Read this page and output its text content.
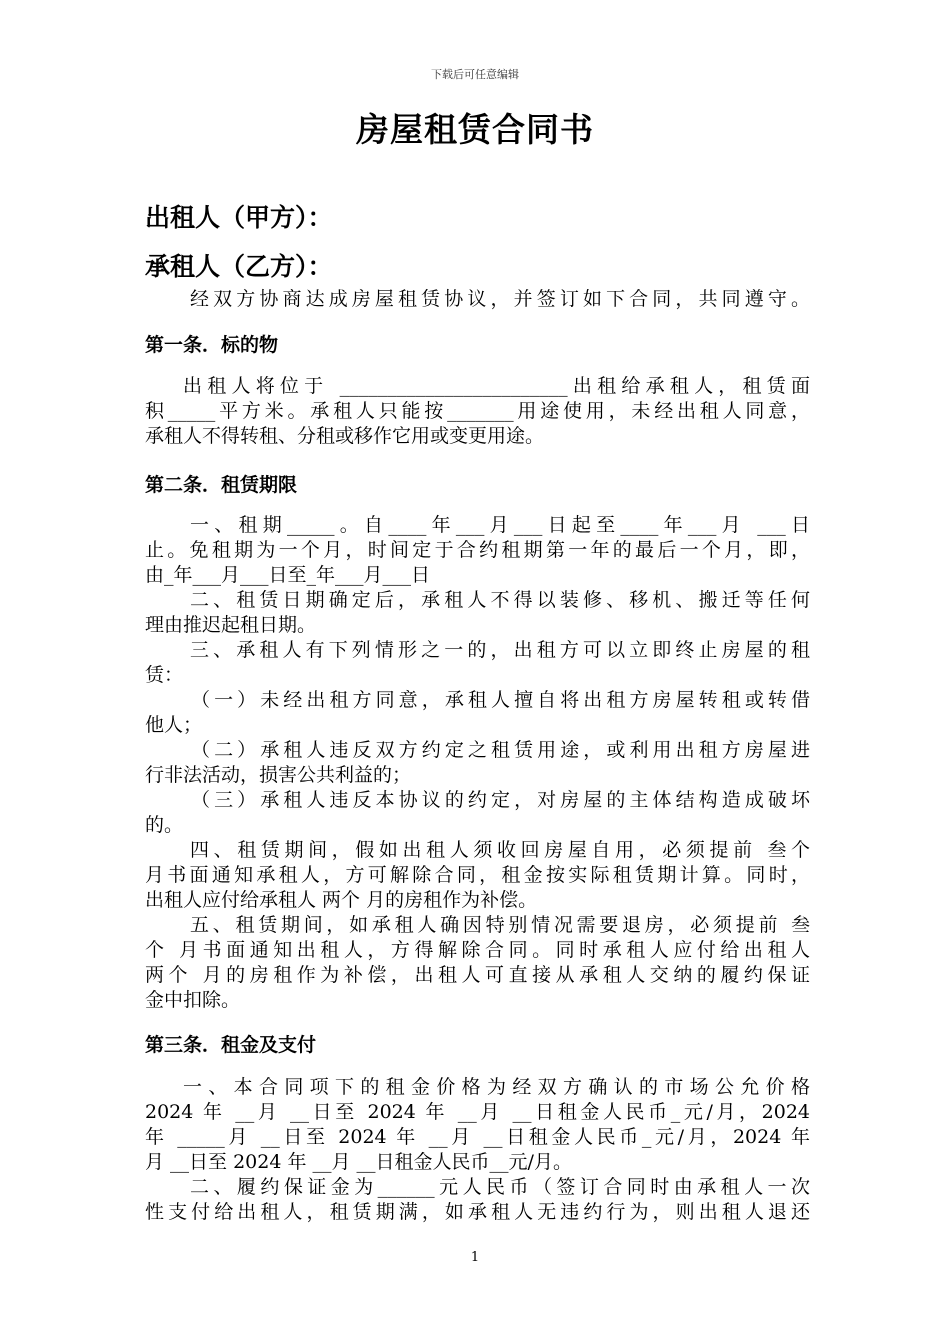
下载后可任意编辑
房屋租赁合同书
出租人（甲方）：
承租人（乙方）：
经双方协商达成房屋租赁协议，并签订如下合同，共同遵守。
第一条．标的物
出租人将位于 ________________________出租给承租人，租赁面
积_____平方米。承租人只能按_______用途使用，未经出租人同意，
承租人不得转租、分租或移作它用或变更用途。
第二条．租赁期限
一、租期_____。自____年___月___日起至____年___月 ___日
止。免租期为一个月，时间定于合约租期第一年的最后一个月，即，
由_年___月___日至_年___月___日
二、租赁日期确定后，承租人不得以装修、移机、搬迁等任何
理由推迟起租日期。
三、承租人有下列情形之一的，出租方可以立即终止房屋的租
赁：
（一）未经出租方同意，承租人擅自将出租方房屋转租或转借
他人；
（二）承租人违反双方约定之租赁用途，或利用出租方房屋进
行非法活动，损害公共利益的；
（三）承租人违反本协议的约定，对房屋的主体结构造成破坏
的。
四、租赁期间，假如出租人须收回房屋自用，必须提前 叁个
月书面通知承租人，方可解除合同，租金按实际租赁期计算。同时，
出租人应付给承租人 两个 月的房租作为补偿。
五、租赁期间，如承租人确因特别情况需要退房，必须提前 叁
个 月书面通知出租人，方得解除合同。同时承租人应付给出租人
两个 月的房租作为补偿，出租人可直接从承租人交纳的履约保证
金中扣除。
第三条．租金及支付
一、本合同项下的租金价格为经双方确认的市场公允价格
2024 年 __月 __日至 2024 年 __月 __日租金人民币_元/月，2024
年 _____月 __日至 2024 年 __月 __日租金人民币_元/月，2024 年
月 __日至 2024 年 __月 __日租金人民币__元/月。
二、履约保证金为______元人民币（签订合同时由承租人一次
性支付给出租人，租赁期满，如承租人无违约行为，则出租人退还
1
